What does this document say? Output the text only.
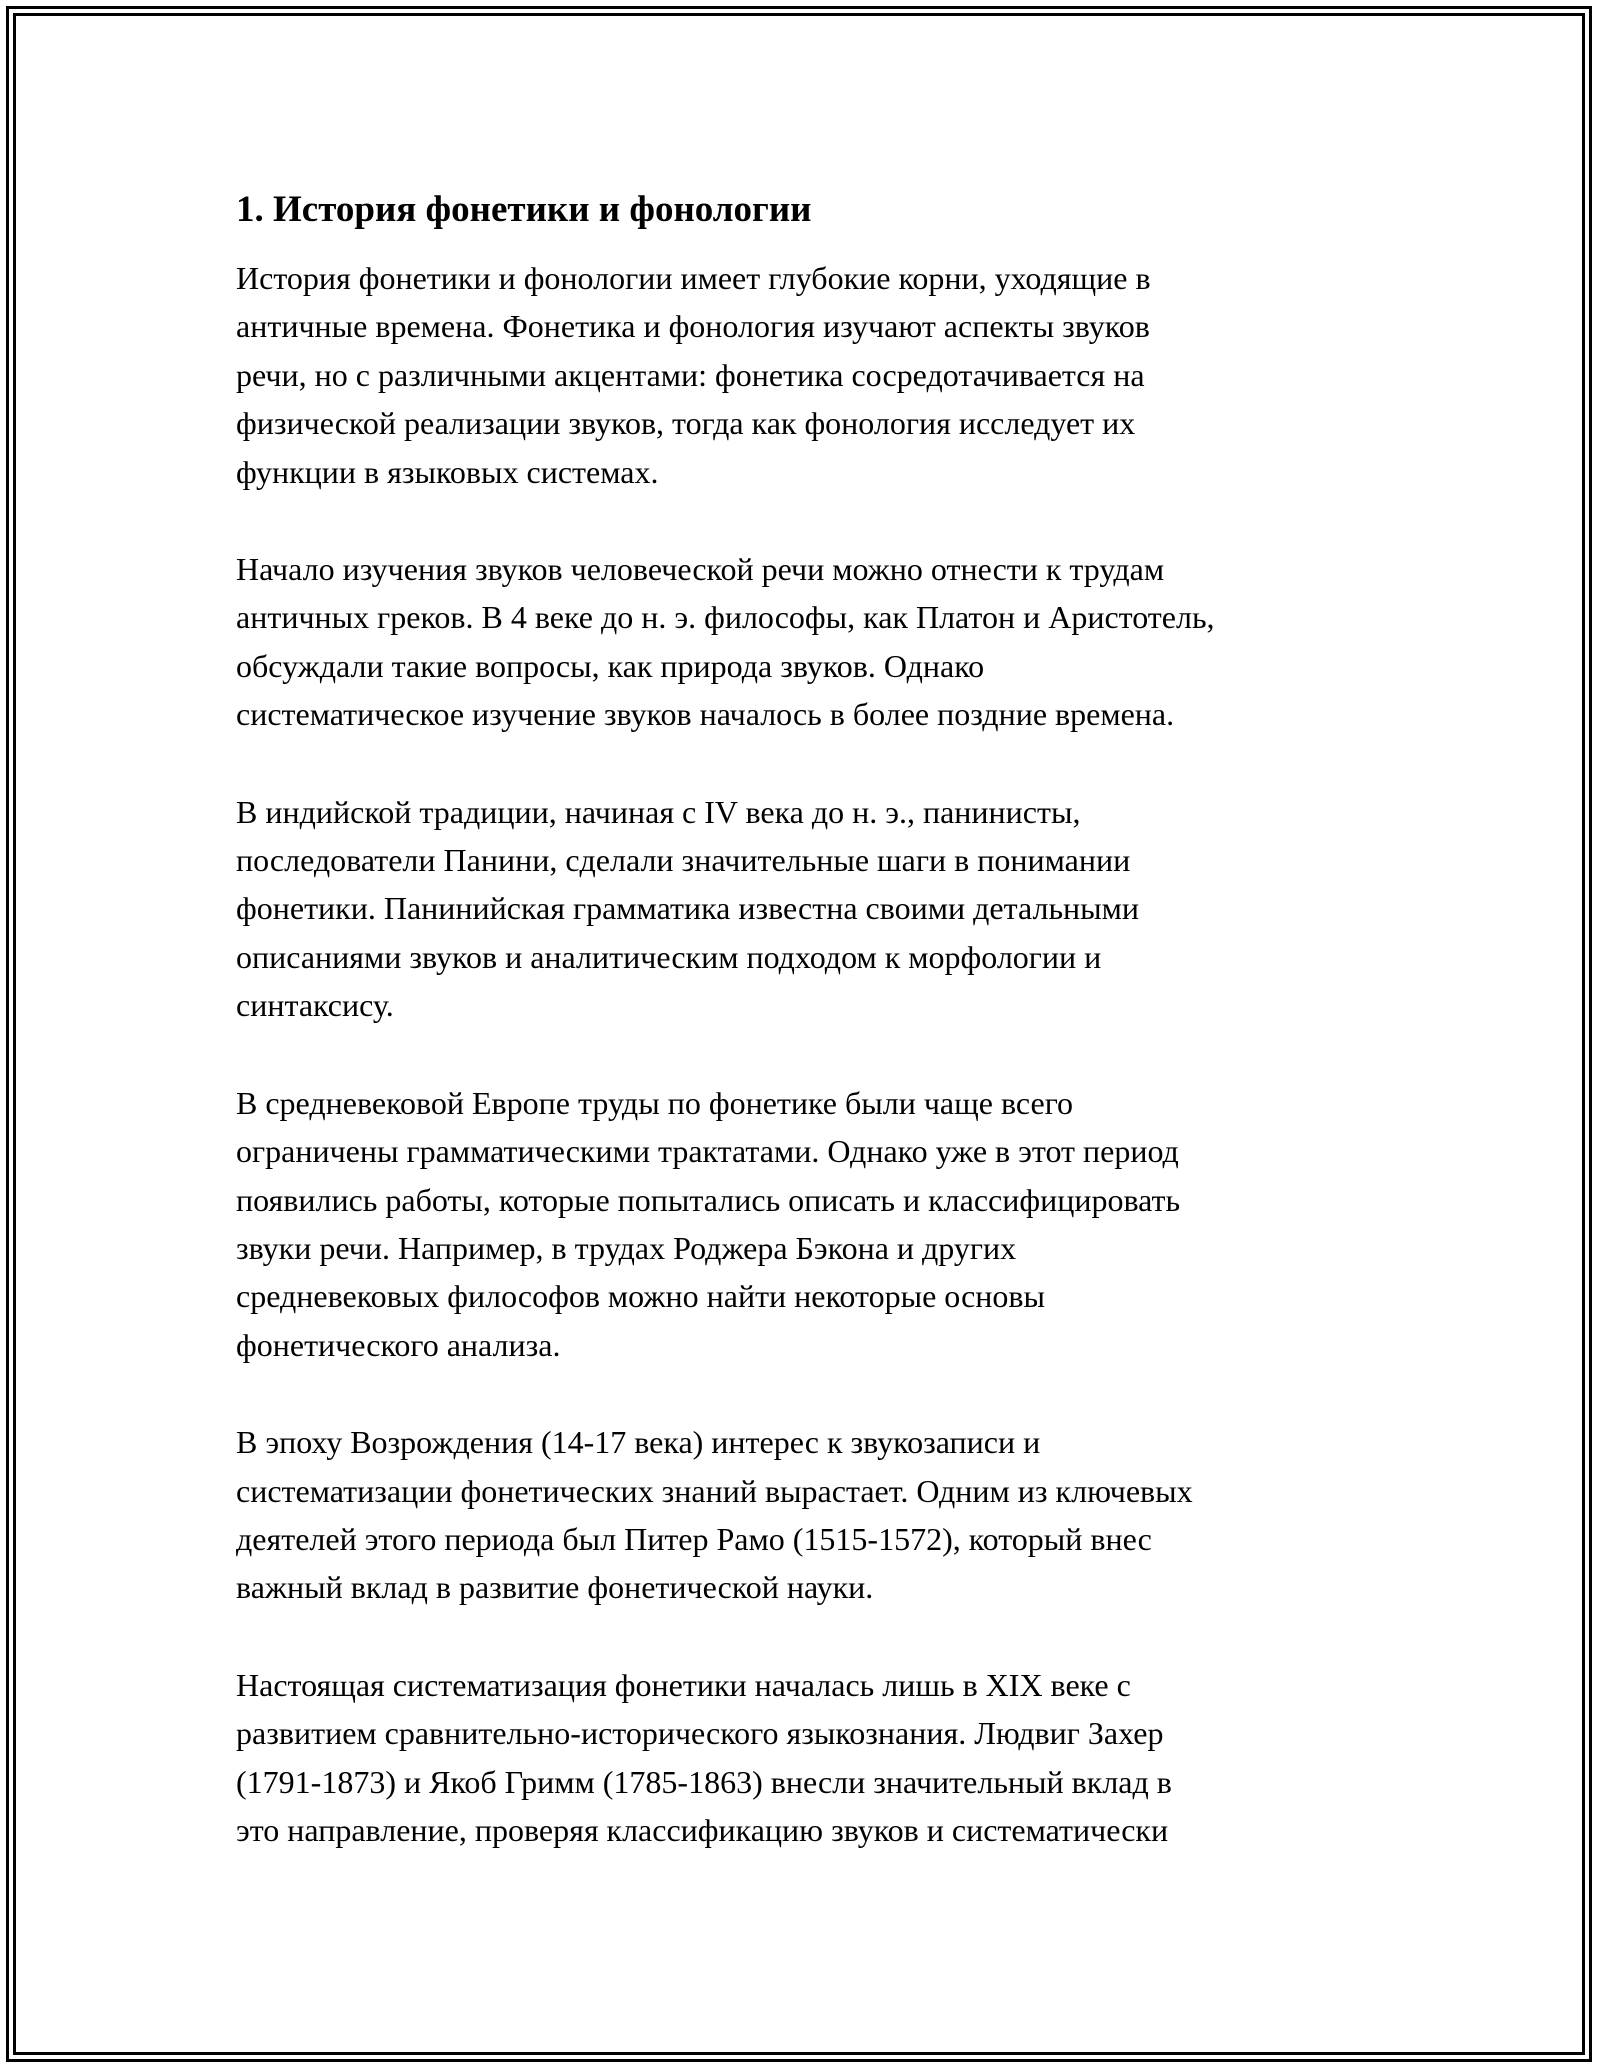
1. История фонетики и фонологии
История фонетики и фонологии имеет глубокие корни, уходящие в
античные времена. Фонетика и фонология изучают аспекты звуков
речи, но с различными акцентами: фонетика сосредотачивается на
физической реализации звуков, тогда как фонология исследует их
функции в языковых системах.
Начало изучения звуков человеческой речи можно отнести к трудам
античных греков. В 4 веке до н. э. философы, как Платон и Аристотель,
обсуждали такие вопросы, как природа звуков. Однако
систематическое изучение звуков началось в более поздние времена.
В индийской традиции, начиная с IV века до н. э., панинисты,
последователи Панини, сделали значительные шаги в понимании
фонетики. Панинийская грамматика известна своими детальными
описаниями звуков и аналитическим подходом к морфологии и
синтаксису.
В средневековой Европе труды по фонетике были чаще всего
ограничены грамматическими трактатами. Однако уже в этот период
появились работы, которые попытались описать и классифицировать
звуки речи. Например, в трудах Роджера Бэкона и других
средневековых философов можно найти некоторые основы
фонетического анализа.
В эпоху Возрождения (14-17 века) интерес к звукозаписи и
систематизации фонетических знаний вырастает. Одним из ключевых
деятелей этого периода был Питер Рамо (1515-1572), который внес
важный вклад в развитие фонетической науки.
Настоящая систематизация фонетики началась лишь в XIX веке с
развитием сравнительно-исторического языкознания. Людвиг Захер
(1791-1873) и Якоб Гримм (1785-1863) внесли значительный вклад в
это направление, проверяя классификацию звуков и систематически
